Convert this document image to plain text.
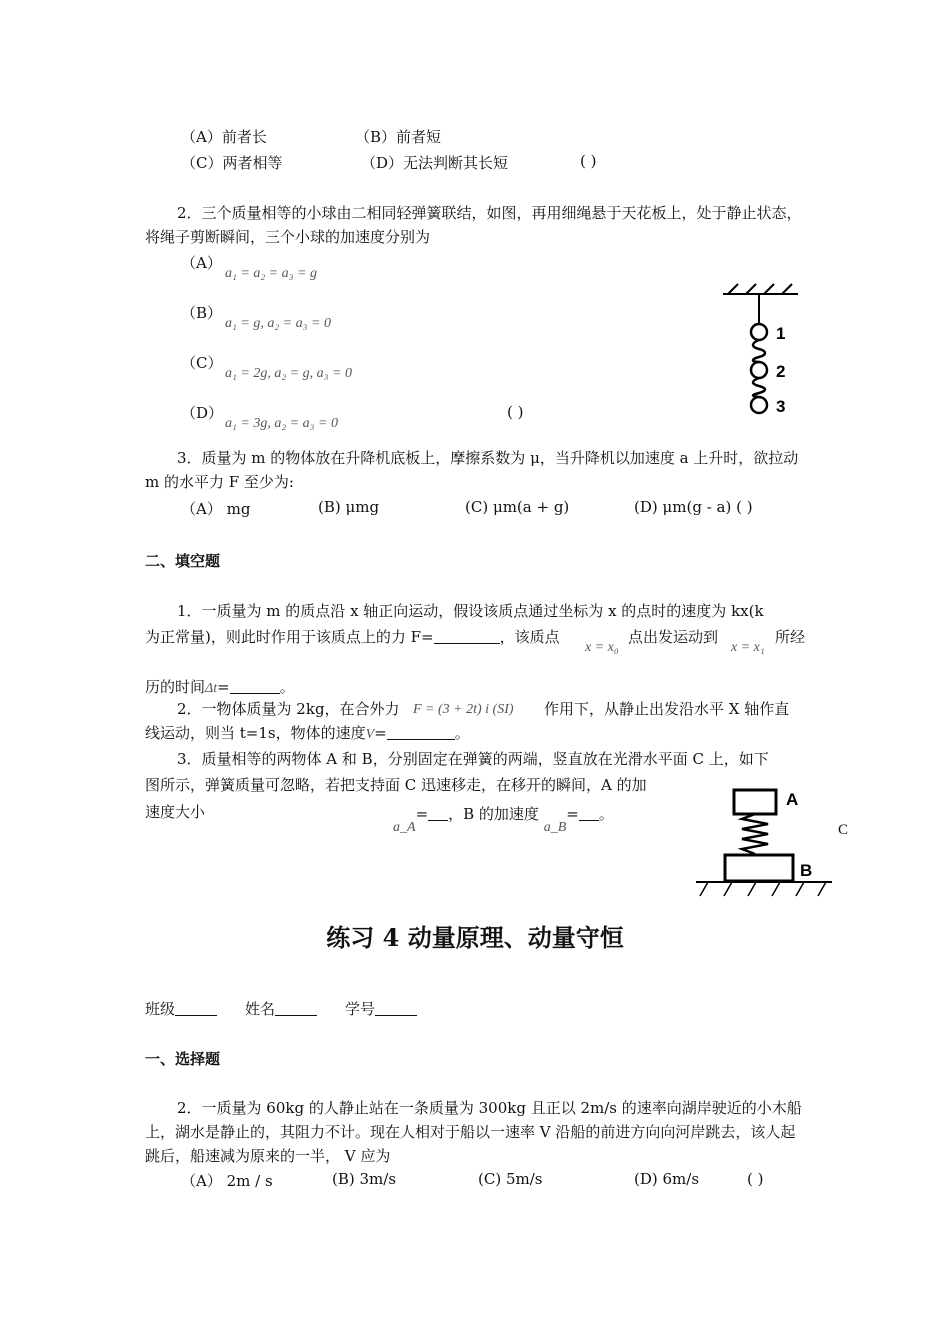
（A）前者长	（B）前者短
（C）两者相等	（D）无法判断其长短	( )
2．三个质量相等的小球由二相同轻弹簧联结，如图，再用细绳悬于天花板上，处于静止状态，将绳子剪断瞬间，三个小球的加速度分别为
（A）
a₁ = a₂ = a₃ = g
（B）
a₁ = g, a₂ = a₃ = 0
（C）
a₁ = 2g, a₂ = g, a₃ = 0
（D）
a₁ = 3g, a₂ = a₃ = 0
( )
1
2
3
3．质量为 m 的物体放在升降机底板上，摩擦系数为 μ，当升降机以加速度 a 上升时，欲拉动 m 的水平力 F 至少为:
（A） mg	(B) μmg	(C) μm(a + g)	(D) μm(g - a) ( )
二、填空题
1．一质量为 m 的质点沿 x 轴正向运动，假设该质点通过坐标为 x 的点时的速度为 kx(k
为正常量)，则此时作用于该质点上的力 F=	，该质点
x = x₀
点出发运动到
x = x₁
所经
历的时间Δt=	。
2．一物体质量为 2kg，在合外力 F = (3 + 2t) i (SI) 作用下，从静止出发沿水平 X 轴作直
线运动，则当 t=1s，物体的速度V=	。
3．质量相等的两物体 A 和 B，分别固定在弹簧的两端，竖直放在光滑水平面 C 上，如下
图所示，弹簧质量可忽略，若把支持面 C 迅速移走，在移开的瞬间，A 的加
速度大小
a_A= ，B 的加速度 a_B= 。
A
B
C
练习 4 动量原理、动量守恒
班级	姓名	学号
一、选择题
2．一质量为 60kg 的人静止站在一条质量为 300kg 且正以 2m/s 的速率向湖岸驶近的小木船上，湖水是静止的，其阻力不计。现在人相对于船以一速率 V 沿船的前进方向向河岸跳去，该人起跳后，船速减为原来的一半， V 应为
（A） 2m / s	(B) 3m/s	(C) 5m/s	(D) 6m/s	( )
